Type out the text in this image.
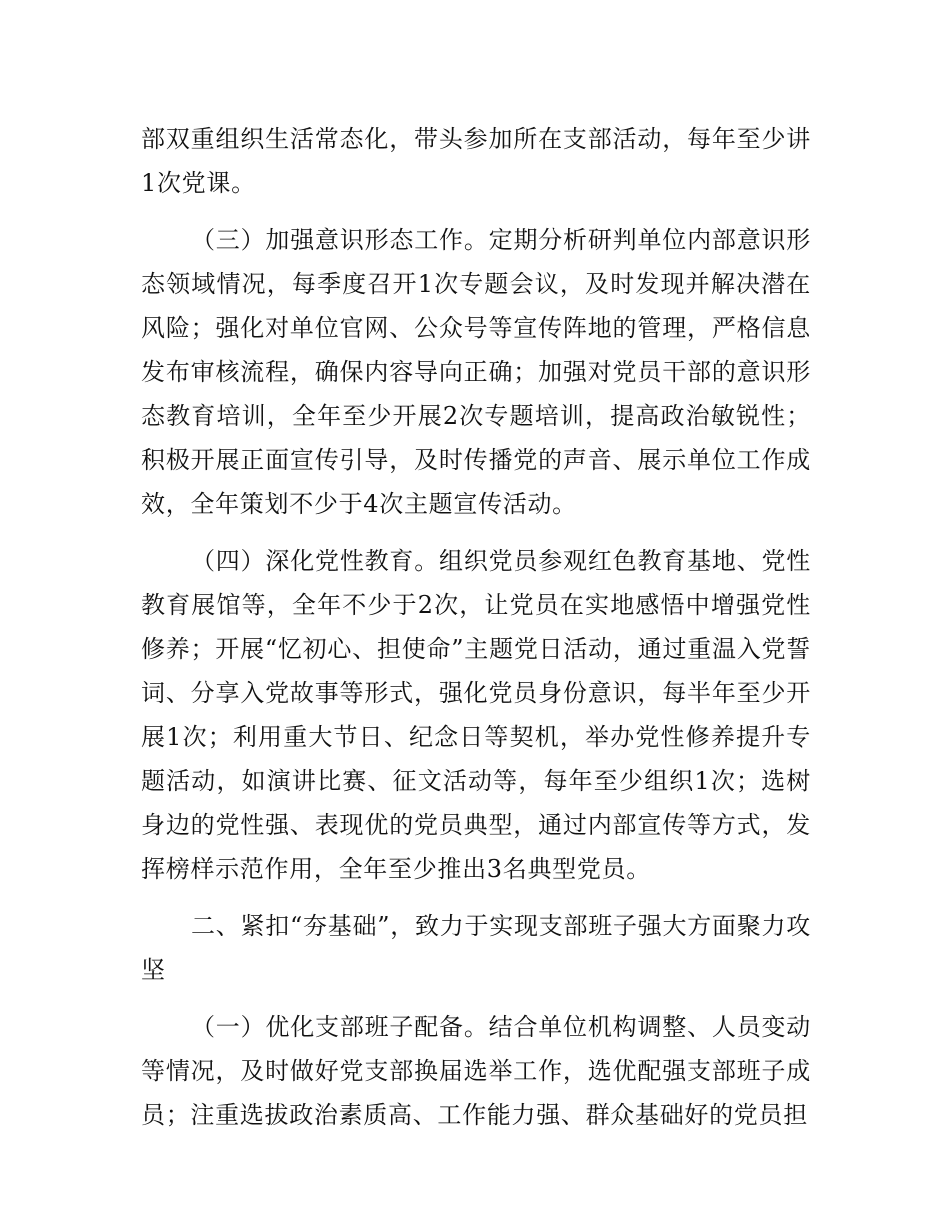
部双重组织生活常态化，带头参加所在支部活动，每年至少讲1次党课。

（三）加强意识形态工作。定期分析研判单位内部意识形态领域情况，每季度召开1次专题会议，及时发现并解决潜在风险；强化对单位官网、公众号等宣传阵地的管理，严格信息发布审核流程，确保内容导向正确；加强对党员干部的意识形态教育培训，全年至少开展2次专题培训，提高政治敏锐性；积极开展正面宣传引导，及时传播党的声音、展示单位工作成效，全年策划不少于4次主题宣传活动。

（四）深化党性教育。组织党员参观红色教育基地、党性教育展馆等，全年不少于2次，让党员在实地感悟中增强党性修养；开展“忆初心、担使命”主题党日活动，通过重温入党誓词、分享入党故事等形式，强化党员身份意识，每半年至少开展1次；利用重大节日、纪念日等契机，举办党性修养提升专题活动，如演讲比赛、征文活动等，每年至少组织1次；选树身边的党性强、表现优的党员典型，通过内部宣传等方式，发挥榜样示范作用，全年至少推出3名典型党员。

二、紧扣“夯基础”，致力于实现支部班子强大方面聚力攻坚

（一）优化支部班子配备。结合单位机构调整、人员变动等情况，及时做好党支部换届选举工作，选优配强支部班子成员；注重选拔政治素质高、工作能力强、群众基础好的党员担
